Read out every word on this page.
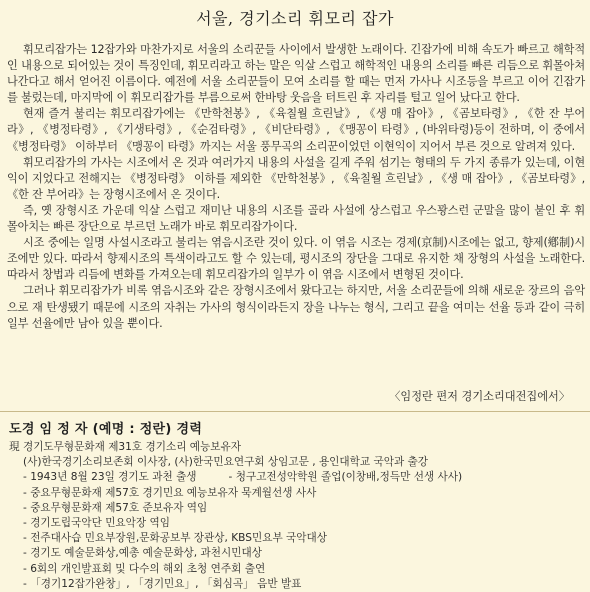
서울, 경기소리 휘모리 잡가

휘모리잡가는 12잡가와 마찬가지로 서울의 소리꾼들 사이에서 발생한 노래이다. 긴잡가에 비해 속도가 빠르고 해학적인 내용으로 되어있는 것이 특징인데, 휘모리라고 하는 말은 익살 스럽고 해학적인 내용의 소리를 빠른 리듬으로 휘몰아쳐 나간다고 해서 얻어진 이름이다. 예전에 서울 소리꾼들이 모여 소리를 할 때는 먼저 가사나 시조등을 부르고 이어 긴잡가를 불렀는데, 마지막에 이 휘모리잡가를 부름으로써 한바탕 웃음을 터트린 후 자리를 털고 일어 났다고 한다.

현재 즐겨 불리는 휘모리잡가에는 《만학천봉》, 《육칠월 흐린날》, 《생 매 잡아》, 《곰보타령》, 《한 잔 부어라》, 《병정타령》, 《기생타령》, 《순검타령》, 《비단타령》, 《맹꽁이 타령》, (바위타령)등이 전하며, 이 중에서 《병정타령》 이하부터 《맹꽁이 타령》까지는 서울 풍무곡의 소리꾼이었던 이현익이 지어서 부른 것으로 알려져 있다.

휘모리잡가의 가사는 시조에서 온 것과 여러가지 내용의 사설을 길게 주워 섬기는 형태의 두 가지 종류가 있는데, 이현익이 지었다고 전해지는 《병정타령》 이하를 제외한 《만학천봉》, 《육칠월 흐린날》, 《생 매 잡아》, 《곰보타령》, 《한 잔 부어라》는 장형시조에서 온 것이다.

즉, 옛 장형시조 가운데 익살 스럽고 재미난 내용의 시조를 골라 사설에 상스럽고 우스꽝스런 군말을 많이 붙인 후 휘몰아치는 빠른 장단으로 부르던 노래가 바로 휘모리잡가이다.

시조 중에는 일명 사설시조라고 불리는 엮음시조란 것이 있다. 이 엮음 시조는 경제(京制)시조에는 없고, 향제(鄕制)시조에만 있다. 따라서 향제시조의 특색이라고도 할 수 있는데, 평시조의 장단을 그대로 유지한 채 장형의 사설을 노래한다. 따라서 창법과 리듬에 변화를 가져오는데 휘모리잡가의 일부가 이 엮음 시조에서 변형된 것이다.

그러나 휘모리잡가가 비록 엮음시조와 같은 장형시조에서 왔다고는 하지만, 서울 소리꾼들에 의해 새로운 장르의 음악으로 재 탄생됐기 때문에 시조의 자취는 가사의 형식이라든지 장을 나누는 형식, 그리고 끝을 여미는 선율 등과 같이 극히 일부 선율에만 남아 있을 뿐이다.

〈임정란 편저 경기소리대전집에서〉
도경 임 정 자 (예명 : 정란) 경력
現 경기도무형문화재 제31호 경기소리 예능보유자
(사)한국경기소리보존회 이사장, (사)한국민요연구회 상임고문 , 용인대학교 국악과 출강
- 1943년 8월 23일 경기도 과천 출생	- 청구고전성악학원 졸업(이창배,정득만 선생 사사)
- 중요무형문화재 제57호 경기민요 예능보유자 묵계월선생 사사
- 중요무형문화재 제57호 준보유자 역임
- 경기도립국악단 민요악장 역임
- 전주대사습 민요부장원,문화공보부 장관상, KBS민요부 국악대상
- 경기도 예술문화상,예총 예술문화상, 과천시민대상
- 6회의 개인발표회 및 다수의 해외 초청 연주회 출연
- 「경기12잡가완창」, 「경기민요」, 「회심곡」 음반 발표
